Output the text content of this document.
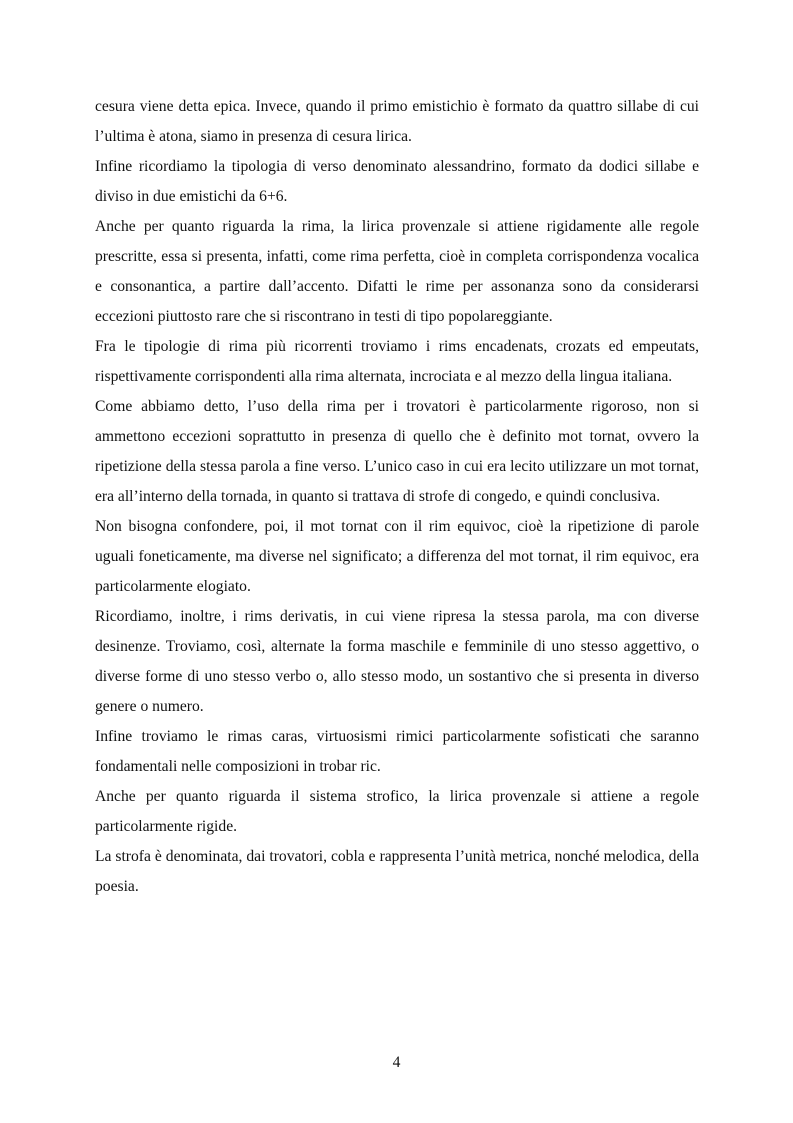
cesura viene detta epica. Invece, quando il primo emistichio è formato da quattro sillabe di cui l’ultima è atona, siamo in presenza di cesura lirica.

Infine ricordiamo la tipologia di verso denominato alessandrino, formato da dodici sillabe e diviso in due emistichi da 6+6.

Anche per quanto riguarda la rima, la lirica provenzale si attiene rigidamente alle regole prescritte, essa si presenta, infatti, come rima perfetta, cioè in completa corrispondenza vocalica e consonantica, a partire dall’accento. Difatti le rime per assonanza sono da considerarsi eccezioni piuttosto rare che si riscontrano in testi di tipo popolareggiante.

Fra le tipologie di rima più ricorrenti troviamo i rims encadenats, crozats ed empeutats, rispettivamente corrispondenti alla rima alternata, incrociata e al mezzo della lingua italiana.

Come abbiamo detto, l’uso della rima per i trovatori è particolarmente rigoroso, non si ammettono eccezioni soprattutto in presenza di quello che è definito mot tornat, ovvero la ripetizione della stessa parola a fine verso. L’unico caso in cui era lecito utilizzare un mot tornat, era all’interno della tornada, in quanto si trattava di strofe di congedo, e quindi conclusiva.

Non bisogna confondere, poi, il mot tornat con il rim equivoc, cioè la ripetizione di parole uguali foneticamente, ma diverse nel significato; a differenza del mot tornat, il rim equivoc, era particolarmente elogiato.

Ricordiamo, inoltre, i rims derivatis, in cui viene ripresa la stessa parola, ma con diverse desinenze. Troviamo, così, alternate la forma maschile e femminile di uno stesso aggettivo, o diverse forme di uno stesso verbo o, allo stesso modo, un sostantivo che si presenta in diverso genere o numero.

Infine troviamo le rimas caras, virtuosismi rimici particolarmente sofisticati che saranno fondamentali nelle composizioni in trobar ric.

Anche per quanto riguarda il sistema strofico, la lirica provenzale si attiene a regole particolarmente rigide.

La strofa è denominata, dai trovatori, cobla e rappresenta l’unità metrica, nonché melodica, della poesia.

4
